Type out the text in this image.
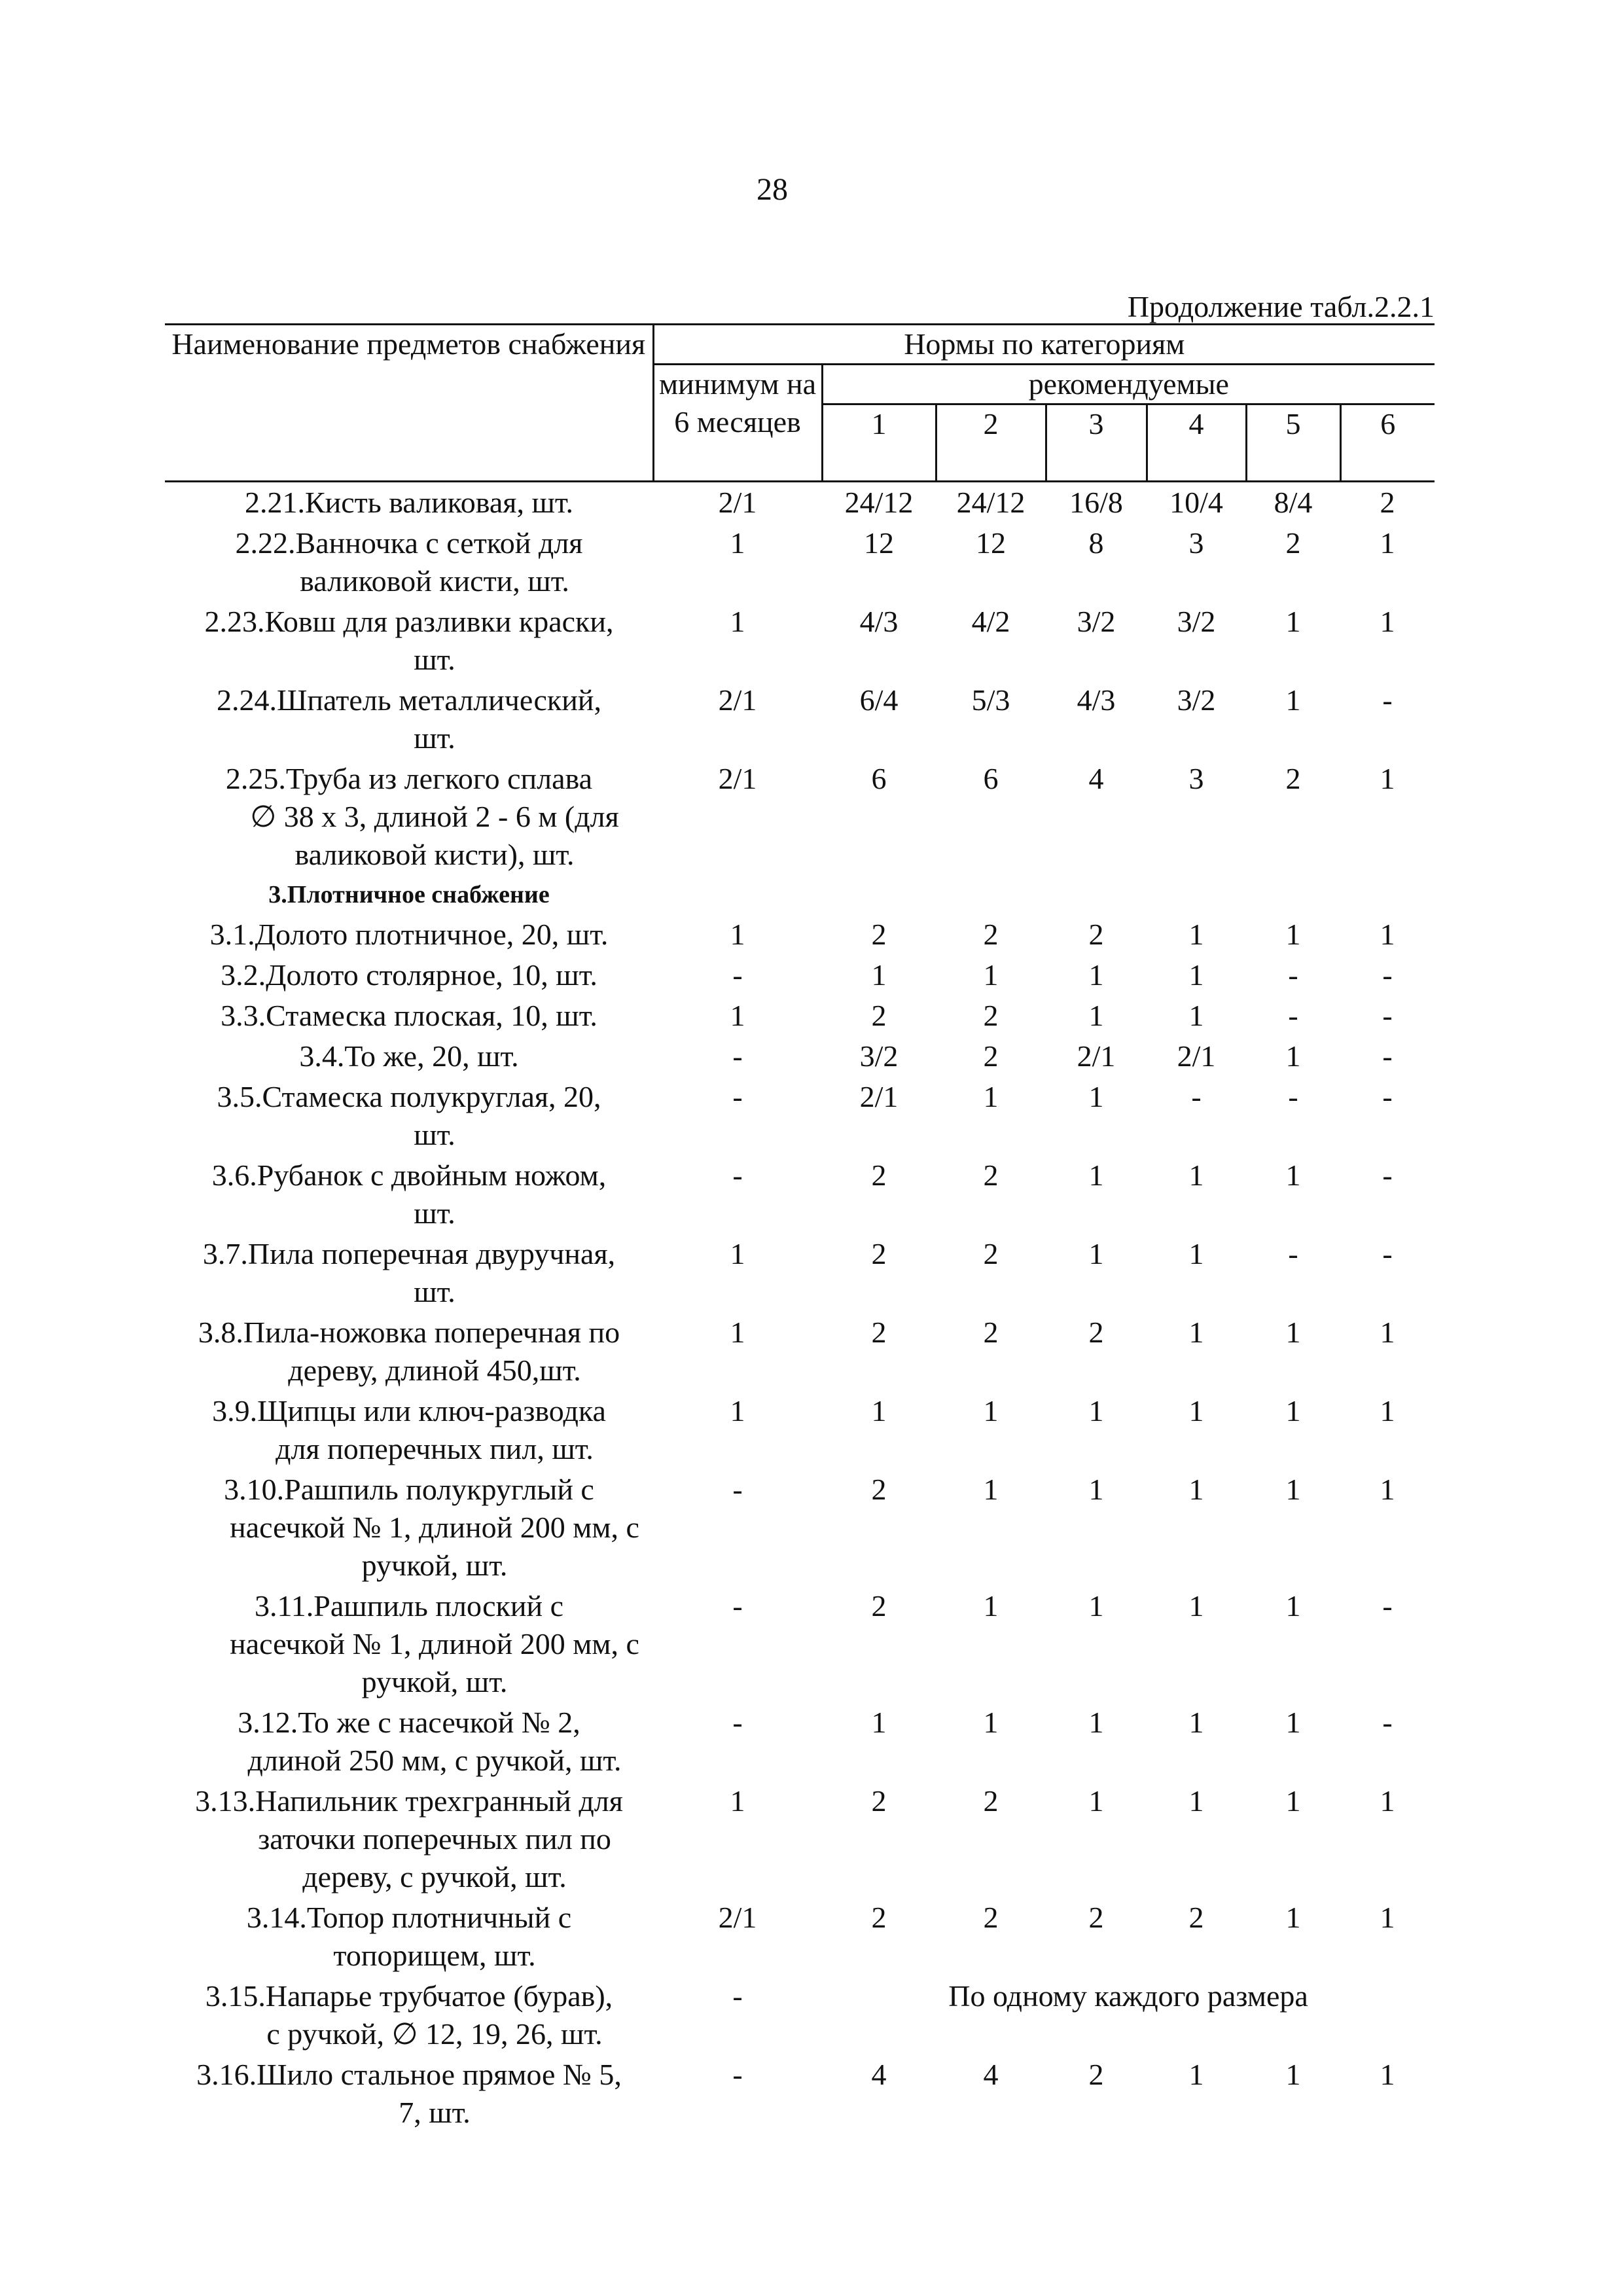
28
Продолжение табл.2.2.1
Наименование предметов снабжения	Нормы по категориям						
	минимум на 6 месяцев	рекомендуемые					
		1	2	3	4	5	6
2.21.Кисть валиковая, шт.	2/1	24/12	24/12	16/8	10/4	8/4	2
2.22.Ванночка с сеткой для
валиковой кисти, шт.	1	12	12	8	3	2	1
2.23.Ковш для разливки краски,
шт.	1	4/3	4/2	3/2	3/2	1	1
2.24.Шпатель металлический,
шт.	2/1	6/4	5/3	4/3	3/2	1	-
2.25.Труба из легкого сплава
∅ 38 х 3, длиной 2 - 6 м (для валиковой кисти), шт.	2/1	6	6	4	3	2	1
3.Плотничное снабжение							
3.1.Долото плотничное, 20, шт.	1	2	2	2	1	1	1
3.2.Долото столярное, 10, шт.	-	1	1	1	1	-	-
3.3.Стамеска плоская, 10, шт.	1	2	2	1	1	-	-
3.4.То же, 20, шт.	-	3/2	2	2/1	2/1	1	-
3.5.Стамеска полукруглая, 20,
шт.	-	2/1	1	1	-	-	-
3.6.Рубанок с двойным ножом,
шт.	-	2	2	1	1	1	-
3.7.Пила поперечная двуручная,
шт.	1	2	2	1	1	-	-
3.8.Пила-ножовка поперечная по
дереву, длиной 450,шт.	1	2	2	2	1	1	1
3.9.Щипцы или ключ-разводка
для поперечных пил, шт.	1	1	1	1	1	1	1
3.10.Рашпиль полукруглый с
насечкой № 1, длиной 200 мм, с ручкой, шт.	-	2	1	1	1	1	1
3.11.Рашпиль плоский с
насечкой № 1, длиной 200 мм, с ручкой, шт.	-	2	1	1	1	1	-
3.12.То же с насечкой № 2,
длиной 250 мм, с ручкой, шт.	-	1	1	1	1	1	-
3.13.Напильник трехгранный для
заточки поперечных пил по дереву, с ручкой, шт.	1	2	2	1	1	1	1
3.14.Топор плотничный с
топорищем, шт.	2/1	2	2	2	2	1	1
3.15.Напарье трубчатое (бурав),
с ручкой, ∅ 12, 19, 26, шт.	-	По одному каждого размера					
3.16.Шило стальное прямое № 5,
7, шт.	-	4	4	2	1	1	1
